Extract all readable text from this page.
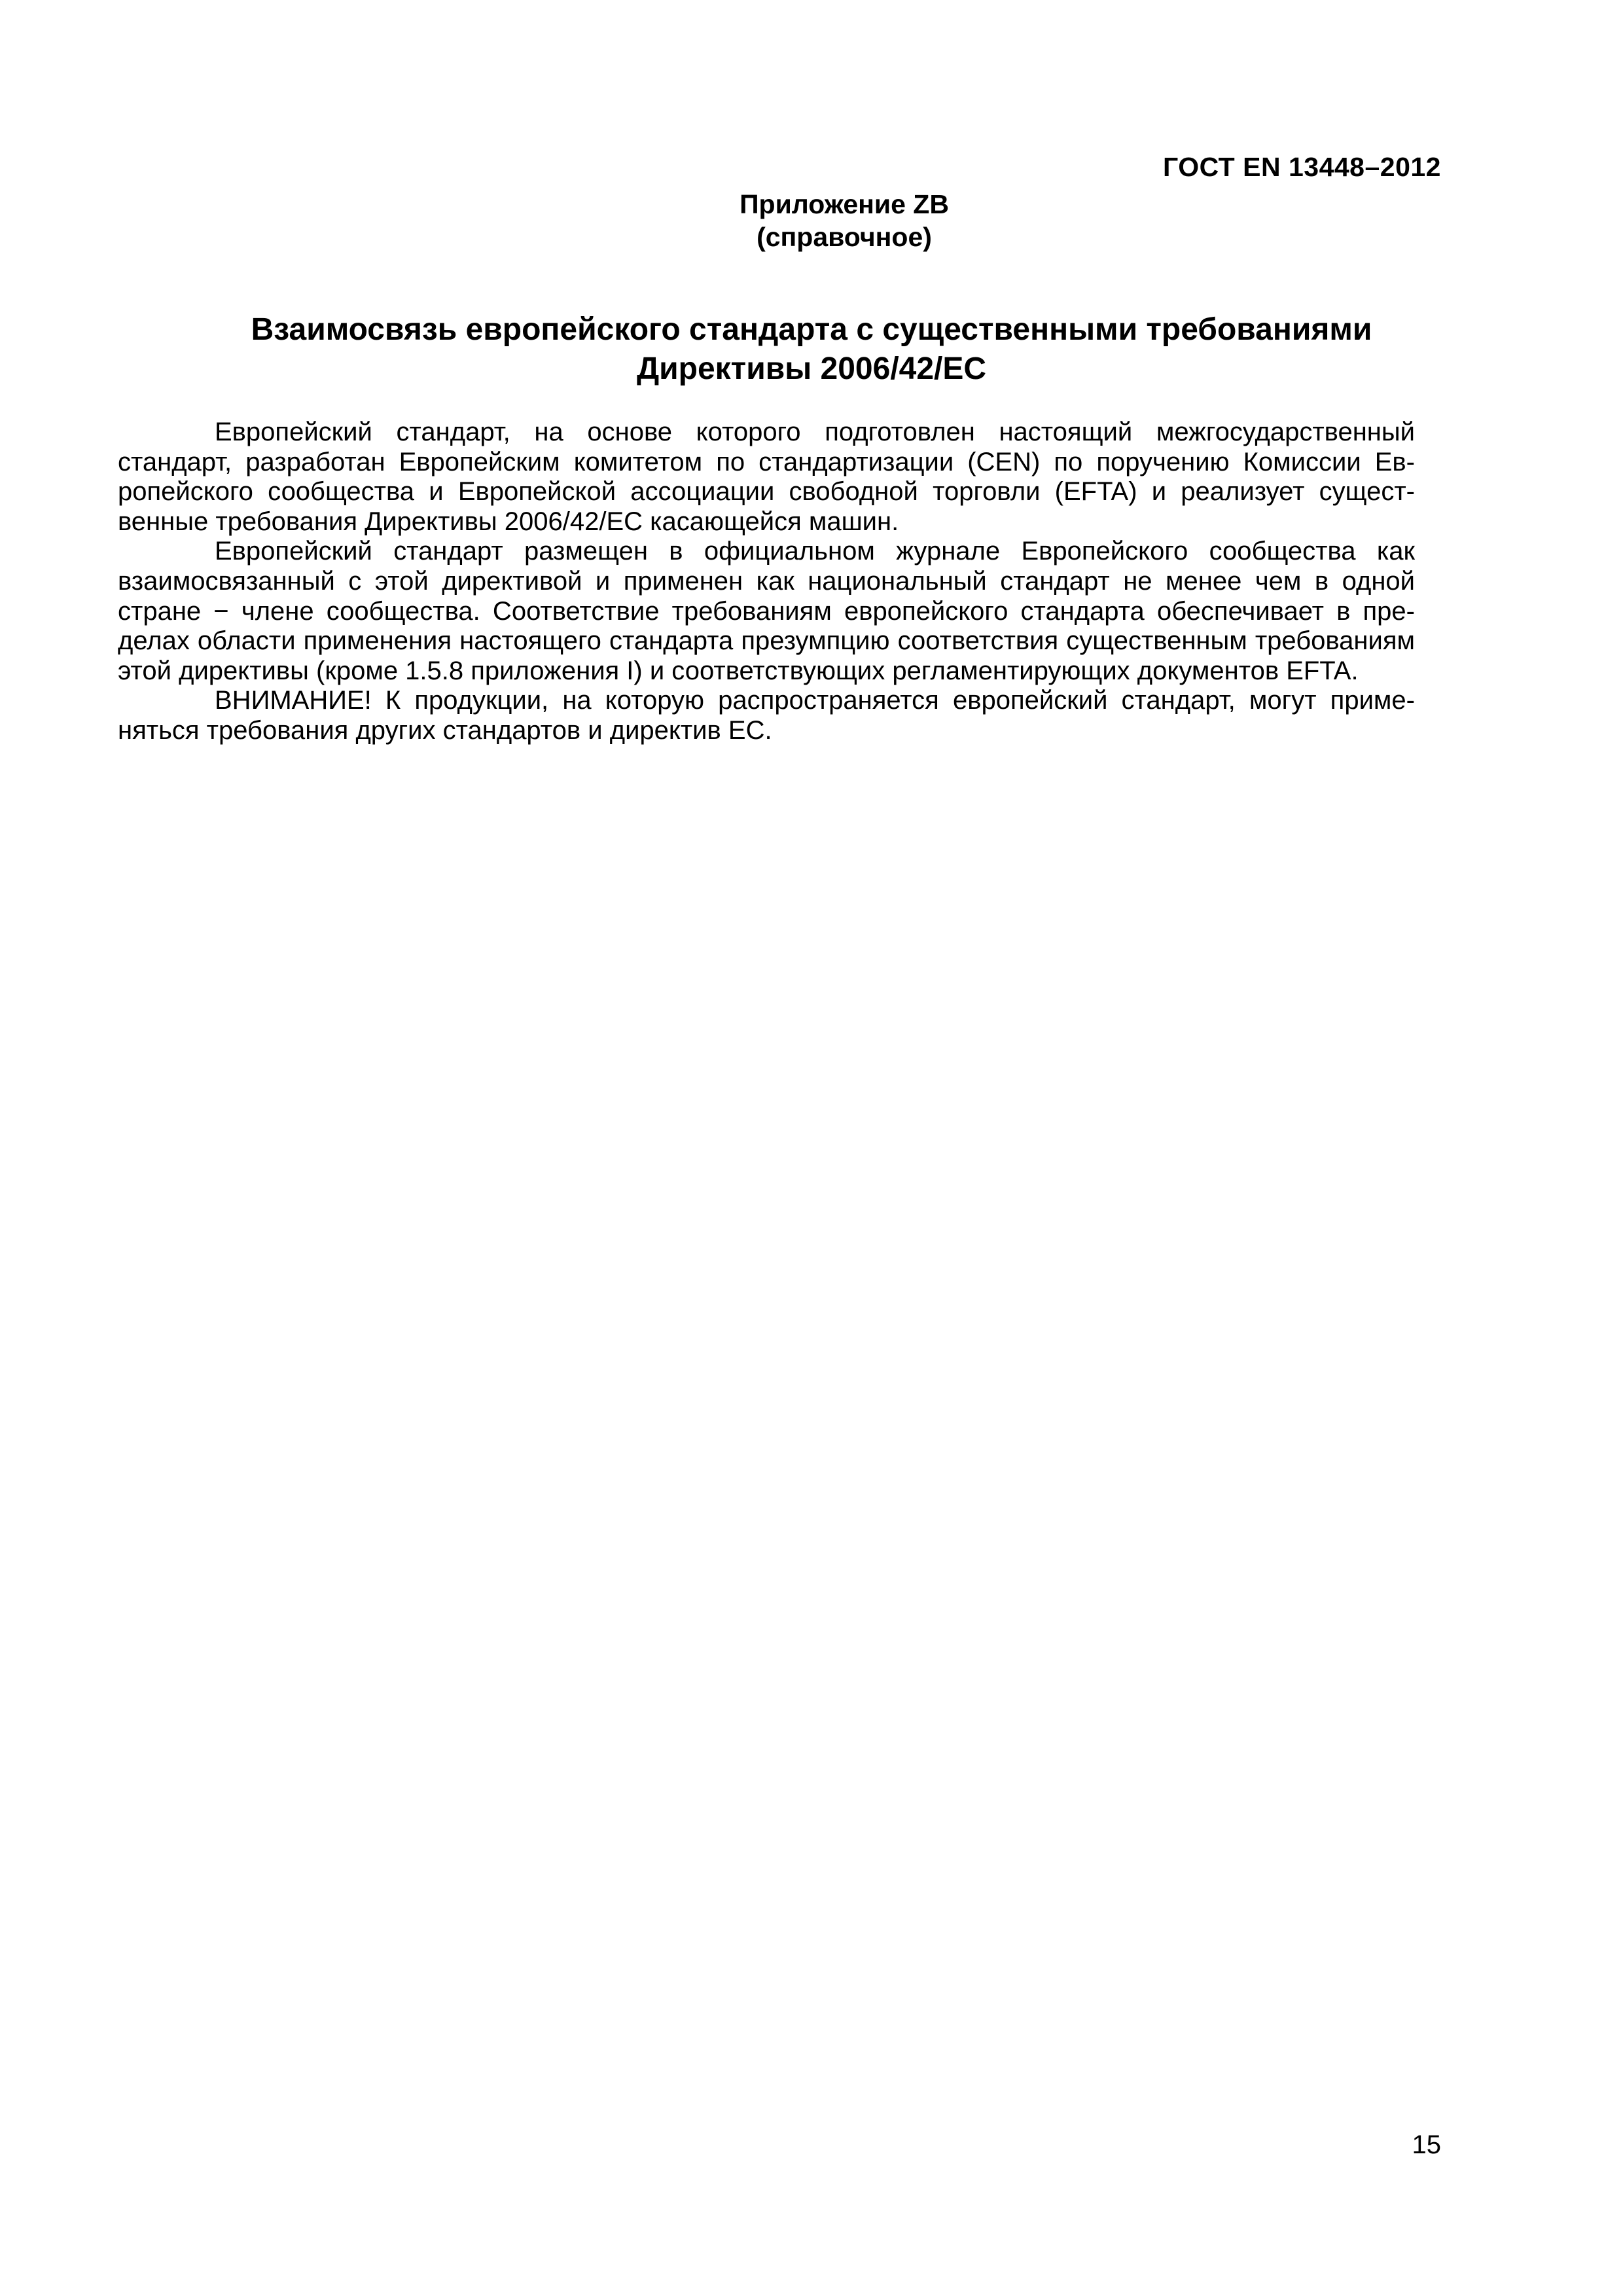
ГОСТ EN 13448–2012
Приложение ZB
(справочное)
Взаимосвязь европейского стандарта с существенными требованиями
Директивы 2006/42/ЕС

Европейский стандарт, на основе которого подготовлен настоящий межгосударственный стандарт, разработан Европейским комитетом по стандартизации (CEN) по поручению Комиссии Европейского сообщества и Европейской ассоциации свободной торговли (EFTA) и реализует существенные требования Директивы 2006/42/ЕС касающейся машин.

Европейский стандарт размещен в официальном журнале Европейского сообщества как взаимосвязанный с этой директивой и применен как национальный стандарт не менее чем в одной стране − члене сообщества. Соответствие требованиям европейского стандарта обеспечивает в пределах области применения настоящего стандарта презумпцию соответствия существенным требованиям этой директивы (кроме 1.5.8 приложения I) и соответствующих регламентирующих документов EFTA.

ВНИМАНИЕ! К продукции, на которую распространяется европейский стандарт, могут применяться требования других стандартов и директив ЕС.

15
